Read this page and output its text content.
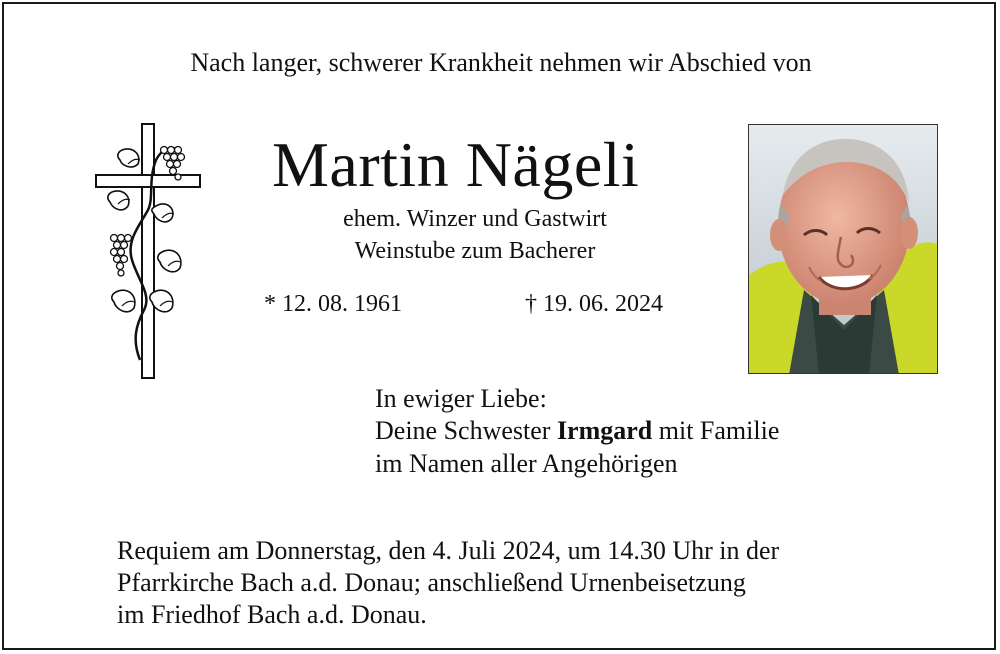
Nach langer, schwerer Krankheit nehmen wir Abschied von
Martin Nägeli
ehem. Winzer und Gastwirt
Weinstube zum Bacherer
* 12. 08. 1961	† 19. 06. 2024
In ewiger Liebe:
Deine Schwester Irmgard mit Familie
im Namen aller Angehörigen
Requiem am Donnerstag, den 4. Juli 2024, um 14.30 Uhr in der
Pfarrkirche Bach a.d. Donau; anschließend Urnenbeisetzung
im Friedhof Bach a.d. Donau.
